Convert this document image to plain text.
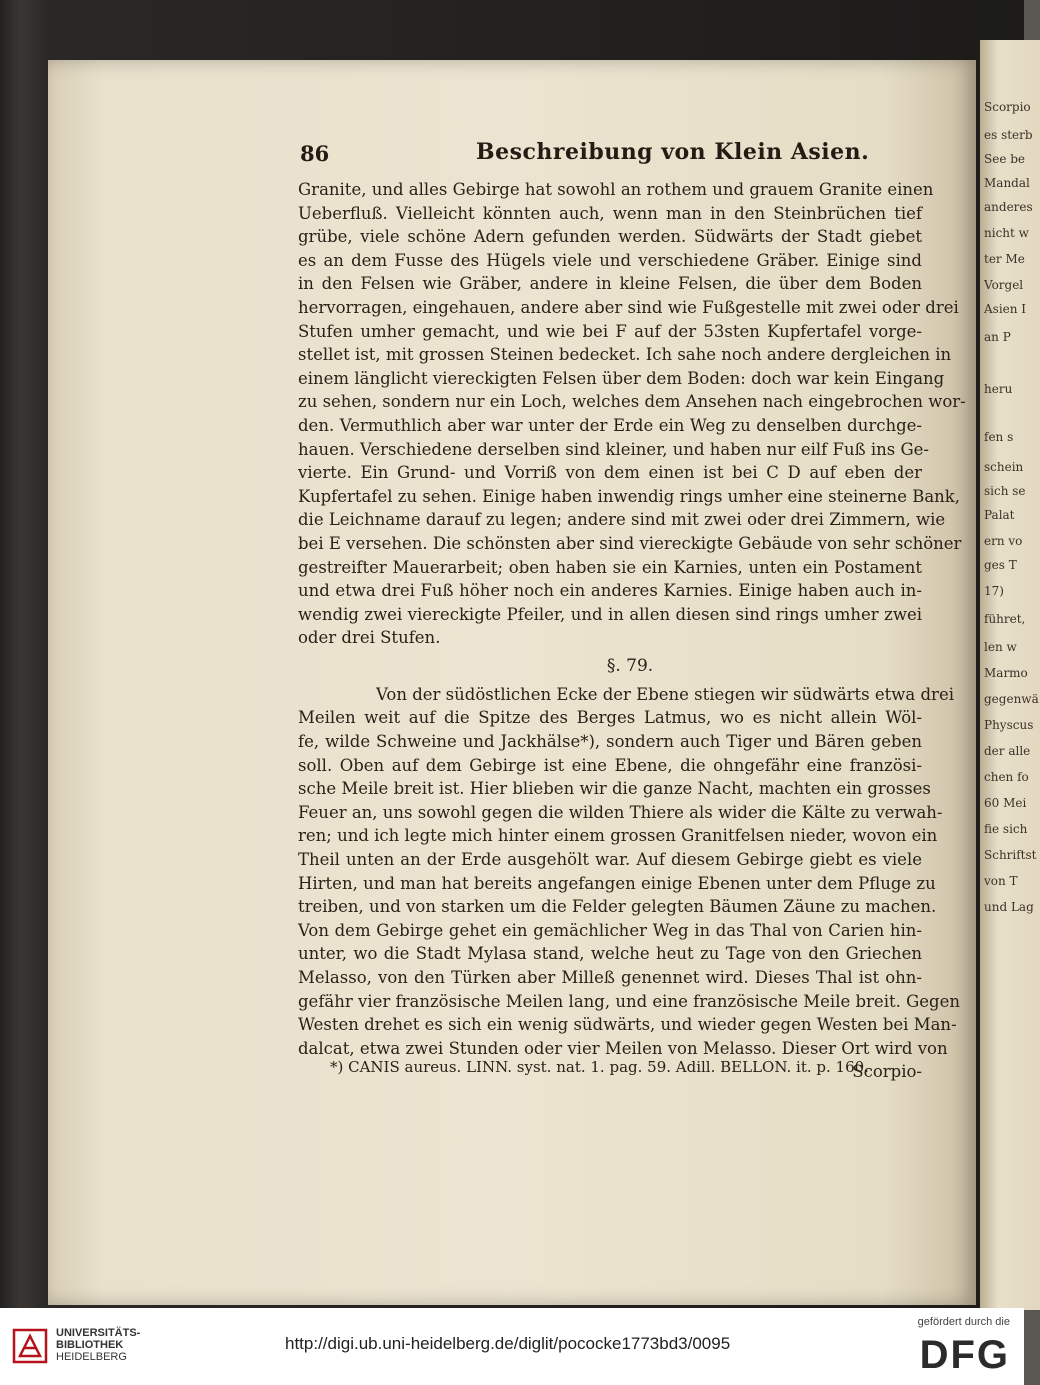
Scorpio
es sterb
See be
Mandal
anderes
nicht w
ter Me
Vorgel
Asien I
an P
heru
fen s
schein
sich se
Palat
ern vo
ges T
17)
führet,
len w
Marmo
gegenwä
Physcus
der alle
chen fo
60 Mei
fie sich
Schriftst
von T
und Lag
86	Beschreibung von Klein Asien.
Granite, und alles Gebirge hat sowohl an rothem und grauem Granite einen
Ueberfluß. Vielleicht könnten auch, wenn man in den Steinbrüchen tief
grübe, viele schöne Adern gefunden werden. Südwärts der Stadt giebet
es an dem Fusse des Hügels viele und verschiedene Gräber. Einige sind
in den Felsen wie Gräber, andere in kleine Felsen, die über dem Boden
hervorragen, eingehauen, andere aber sind wie Fußgestelle mit zwei oder drei
Stufen umher gemacht, und wie bei F auf der 53sten Kupfertafel vorge-
stellet ist, mit grossen Steinen bedecket. Ich sahe noch andere dergleichen in
einem länglicht viereckigten Felsen über dem Boden: doch war kein Eingang
zu sehen, sondern nur ein Loch, welches dem Ansehen nach eingebrochen wor-
den. Vermuthlich aber war unter der Erde ein Weg zu denselben durchge-
hauen. Verschiedene derselben sind kleiner, und haben nur eilf Fuß ins Ge-
vierte. Ein Grund- und Vorriß von dem einen ist bei C D auf eben der
Kupfertafel zu sehen. Einige haben inwendig rings umher eine steinerne Bank,
die Leichname darauf zu legen; andere sind mit zwei oder drei Zimmern, wie
bei E versehen. Die schönsten aber sind viereckigte Gebäude von sehr schöner
gestreifter Mauerarbeit; oben haben sie ein Karnies, unten ein Postament
und etwa drei Fuß höher noch ein anderes Karnies. Einige haben auch in-
wendig zwei viereckigte Pfeiler, und in allen diesen sind rings umher zwei
oder drei Stufen.
§. 79.
Von der südöstlichen Ecke der Ebene stiegen wir südwärts etwa drei
Meilen weit auf die Spitze des Berges Latmus, wo es nicht allein Wöl-
fe, wilde Schweine und Jackhälse*), sondern auch Tiger und Bären geben
soll. Oben auf dem Gebirge ist eine Ebene, die ohngefähr eine französi-
sche Meile breit ist. Hier blieben wir die ganze Nacht, machten ein grosses
Feuer an, uns sowohl gegen die wilden Thiere als wider die Kälte zu verwah-
ren; und ich legte mich hinter einem grossen Granitfelsen nieder, wovon ein
Theil unten an der Erde ausgehölt war. Auf diesem Gebirge giebt es viele
Hirten, und man hat bereits angefangen einige Ebenen unter dem Pfluge zu
treiben, und von starken um die Felder gelegten Bäumen Zäune zu machen.
Von dem Gebirge gehet ein gemächlicher Weg in das Thal von Carien hin-
unter, wo die Stadt Mylasa stand, welche heut zu Tage von den Griechen
Melasso, von den Türken aber Milleß genennet wird. Dieses Thal ist ohn-
gefähr vier französische Meilen lang, und eine französische Meile breit. Gegen
Westen drehet es sich ein wenig südwärts, und wieder gegen Westen bei Man-
dalcat, etwa zwei Stunden oder vier Meilen von Melasso. Dieser Ort wird von
Scorpio-
*) CANIS aureus. LINN. syst. nat. 1. pag. 59. Adill. BELLON. it. p. 160.
UNIVERSITÄTS-
BIBLIOTHEK
HEIDELBERG
http://digi.ub.uni-heidelberg.de/diglit/pococke1773bd3/0095
gefördert durch die
DFG
